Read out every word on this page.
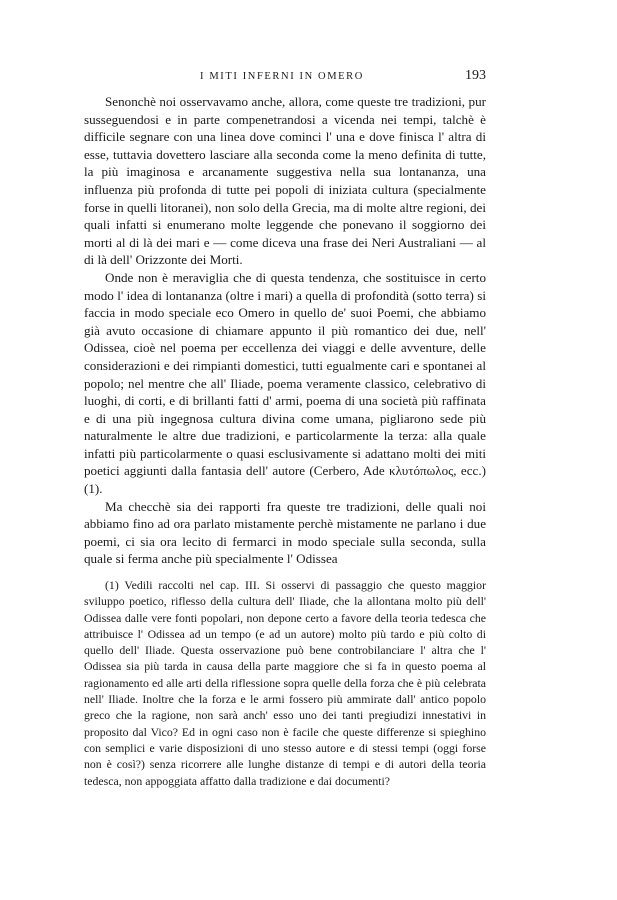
I MITI INFERNI IN OMERO	193

Senonchè noi osservavamo anche, allora, come queste tre tradizioni, pur susseguendosi e in parte compenetrandosi a vicenda nei tempi, talchè è difficile segnare con una linea dove cominci l' una e dove finisca l' altra di esse, tuttavia dovettero lasciare alla seconda come la meno definita di tutte, la più imaginosa e arcanamente suggestiva nella sua lontananza, una influenza più profonda di tutte pei popoli di iniziata cultura (specialmente forse in quelli litoranei), non solo della Grecia, ma di molte altre regioni, dei quali infatti si enumerano molte leggende che ponevano il soggiorno dei morti al di là dei mari e — come diceva una frase dei Neri Australiani — al di là dell' Orizzonte dei Morti.

Onde non è meraviglia che di questa tendenza, che sostituisce in certo modo l' idea di lontananza (oltre i mari) a quella di profondità (sotto terra) si faccia in modo speciale eco Omero in quello de' suoi Poemi, che abbiamo già avuto occasione di chiamare appunto il più romantico dei due, nell' Odissea, cioè nel poema per eccellenza dei viaggi e delle avventure, delle considerazioni e dei rimpianti domestici, tutti egualmente cari e spontanei al popolo; nel mentre che all' Iliade, poema veramente classico, celebrativo di luoghi, di corti, e di brillanti fatti d' armi, poema di una società più raffinata e di una più ingegnosa cultura divina come umana, pigliarono sede più naturalmente le altre due tradizioni, e particolarmente la terza: alla quale infatti più particolarmente o quasi esclusivamente si adattano molti dei miti poetici aggiunti dalla fantasia dell' autore (Cerbero, Ade κλυτόπωλος, ecc.) (1).

Ma checchè sia dei rapporti fra queste tre tradizioni, delle quali noi abbiamo fino ad ora parlato mistamente perchè mistamente ne parlano i due poemi, ci sia ora lecito di fermarci in modo speciale sulla seconda, sulla quale si ferma anche più specialmente l' Odissea

(1) Vedili raccolti nel cap. III. Si osservi di passaggio che questo maggior sviluppo poetico, riflesso della cultura dell' Iliade, che la allontana molto più dell' Odissea dalle vere fonti popolari, non depone certo a favore della teoria tedesca che attribuisce l' Odissea ad un tempo (e ad un autore) molto più tardo e più colto di quello dell' Iliade. Questa osservazione può bene controbilanciare l' altra che l' Odissea sia più tarda in causa della parte maggiore che si fa in questo poema al ragionamento ed alle arti della riflessione sopra quelle della forza che è più celebrata nell' Iliade. Inoltre che la forza e le armi fossero più ammirate dall' antico popolo greco che la ragione, non sarà anch' esso uno dei tanti pregiudizi innestativi in proposito dal Vico? Ed in ogni caso non è facile che queste differenze si spieghino con semplici e varie disposizioni di uno stesso autore e di stessi tempi (oggi forse non è così?) senza ricorrere alle lunghe distanze di tempi e di autori della teoria tedesca, non appoggiata affatto dalla tradizione e dai documenti?
